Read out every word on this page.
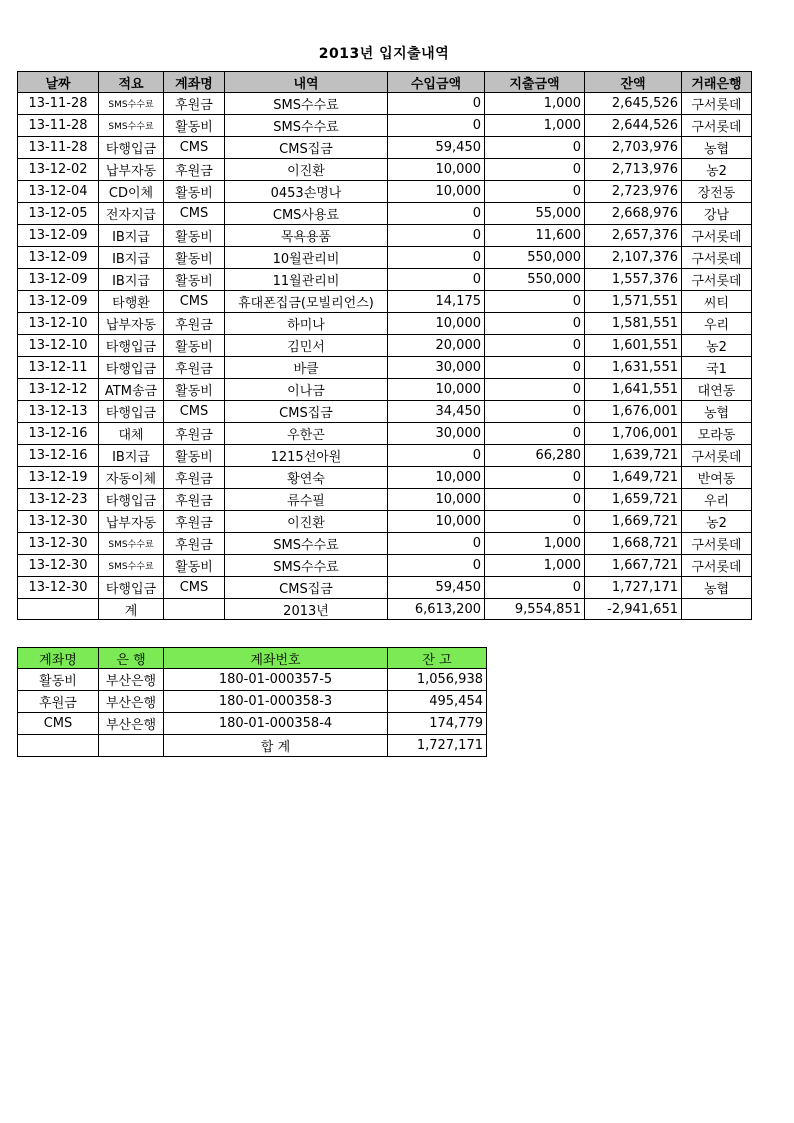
2013년 입지출내역
날짜	적요	계좌명	내역	수입금액	지출금액	잔액	거래은행
13-11-28	SMS수수료	후원금	SMS수수료	0	1,000	2,645,526	구서롯데
13-11-28	SMS수수료	활동비	SMS수수료	0	1,000	2,644,526	구서롯데
13-11-28	타행입금	CMS	CMS집금	59,450	0	2,703,976	농협
13-12-02	납부자동	후원금	이진환	10,000	0	2,713,976	농2
13-12-04	CD이체	활동비	0453손명나	10,000	0	2,723,976	장전동
13-12-05	전자지급	CMS	CMS사용료	0	55,000	2,668,976	강남
13-12-09	IB지급	활동비	목욕용품	0	11,600	2,657,376	구서롯데
13-12-09	IB지급	활동비	10월관리비	0	550,000	2,107,376	구서롯데
13-12-09	IB지급	활동비	11월관리비	0	550,000	1,557,376	구서롯데
13-12-09	타행환	CMS	휴대폰집금(모빌리언스)	14,175	0	1,571,551	씨티
13-12-10	납부자동	후원금	하미나	10,000	0	1,581,551	우리
13-12-10	타행입금	활동비	김민서	20,000	0	1,601,551	농2
13-12-11	타행입금	후원금	바클	30,000	0	1,631,551	국1
13-12-12	ATM송금	활동비	이나금	10,000	0	1,641,551	대연동
13-12-13	타행입금	CMS	CMS집금	34,450	0	1,676,001	농협
13-12-16	대체	후원금	우한곤	30,000	0	1,706,001	모라동
13-12-16	IB지급	활동비	1215선아원	0	66,280	1,639,721	구서롯데
13-12-19	자동이체	후원금	황연숙	10,000	0	1,649,721	반여동
13-12-23	타행입금	후원금	류수필	10,000	0	1,659,721	우리
13-12-30	납부자동	후원금	이진환	10,000	0	1,669,721	농2
13-12-30	SMS수수료	후원금	SMS수수료	0	1,000	1,668,721	구서롯데
13-12-30	SMS수수료	활동비	SMS수수료	0	1,000	1,667,721	구서롯데
13-12-30	타행입금	CMS	CMS집금	59,450	0	1,727,171	농협
	계		2013년	6,613,200	9,554,851	-2,941,651	
계좌명	은 행	계좌번호	잔 고
활동비	부산은행	180-01-000357-5	1,056,938
후원금	부산은행	180-01-000358-3	495,454
CMS	부산은행	180-01-000358-4	174,779
		합 계	1,727,171
